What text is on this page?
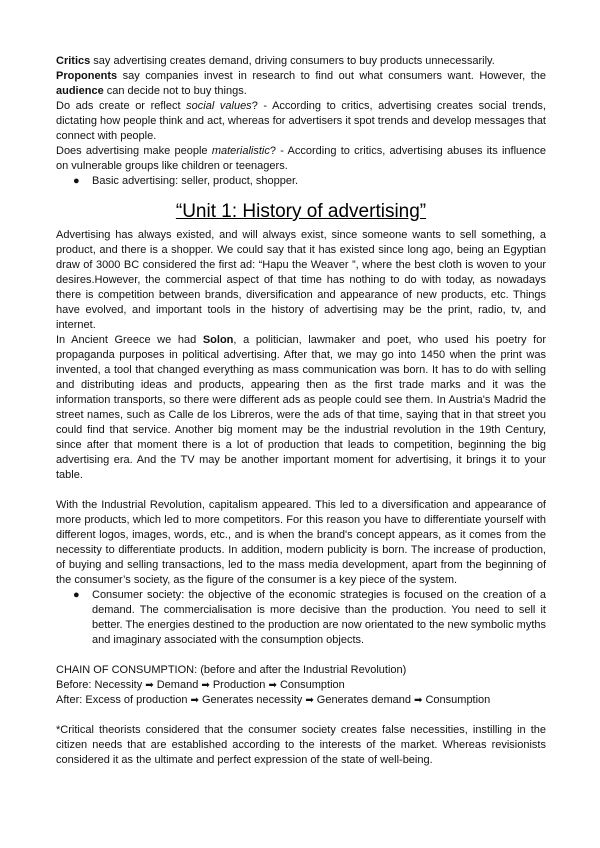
Critics say advertising creates demand, driving consumers to buy products unnecessarily.

Proponents say companies invest in research to find out what consumers want. However, the audience can decide not to buy things.

Do ads create or reflect social values? - According to critics, advertising creates social trends, dictating how people think and act, whereas for advertisers it spot trends and develop messages that connect with people.

Does advertising make people materialistic? - According to critics, advertising abuses its influence on vulnerable groups like children or teenagers.

● Basic advertising: seller, product, shopper.
“Unit 1: History of advertising”

Advertising has always existed, and will always exist, since someone wants to sell something, a product, and there is a shopper. We could say that it has existed since long ago, being an Egyptian draw of 3000 BC considered the first ad: “Hapu the Weaver ”, where the best cloth is woven to your desires.However, the commercial aspect of that time has nothing to do with today, as nowadays there is competition between brands, diversification and appearance of new products, etc. Things have evolved, and important tools in the history of advertising may be the print, radio, tv, and internet.

In Ancient Greece we had Solon, a politician, lawmaker and poet, who used his poetry for propaganda purposes in political advertising. After that, we may go into 1450 when the print was invented, a tool that changed everything as mass communication was born. It has to do with selling and distributing ideas and products, appearing then as the first trade marks and it was the information transports, so there were different ads as people could see them. In Austria's Madrid the street names, such as Calle de los Libreros, were the ads of that time, saying that in that street you could find that service. Another big moment may be the industrial revolution in the 19th Century, since after that moment there is a lot of production that leads to competition, beginning the big advertising era. And the TV may be another important moment for advertising, it brings it to your table.

With the Industrial Revolution, capitalism appeared. This led to a diversification and appearance of more products, which led to more competitors. For this reason you have to differentiate yourself with different logos, images, words, etc., and is when the brand's concept appears, as it comes from the necessity to differentiate products. In addition, modern publicity is born. The increase of production, of buying and selling transactions, led to the mass media development, apart from the beginning of the consumer’s society, as the figure of the consumer is a key piece of the system.

● Consumer society: the objective of the economic strategies is focused on the creation of a demand. The commercialisation is more decisive than the production. You need to sell it better. The energies destined to the production are now orientated to the new symbolic myths and imaginary associated with the consumption objects.

CHAIN OF CONSUMPTION: (before and after the Industrial Revolution)

Before: Necessity ➡ Demand ➡ Production ➡ Consumption

After: Excess of production ➡ Generates necessity ➡ Generates demand ➡ Consumption

*Critical theorists considered that the consumer society creates false necessities, instilling in the citizen needs that are established according to the interests of the market. Whereas revisionists considered it as the ultimate and perfect expression of the state of well-being.
